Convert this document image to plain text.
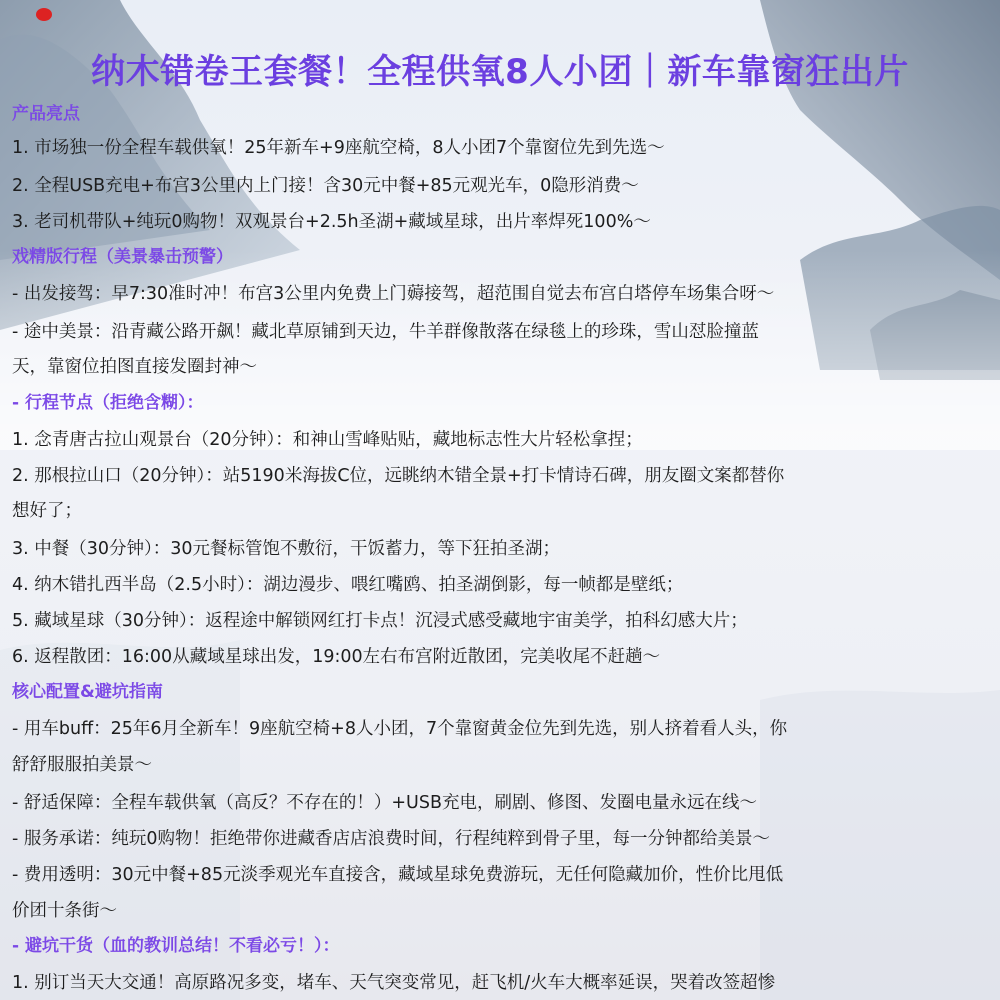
纳木错卷王套餐！全程供氧8人小团｜新车靠窗狂出片
产品亮点
1. 市场独一份全程车载供氧！25年新车+9座航空椅，8人小团7个靠窗位先到先选～
2. 全程USB充电+布宫3公里内上门接！含30元中餐+85元观光车，0隐形消费～
3. 老司机带队+纯玩0购物！双观景台+2.5h圣湖+藏域星球，出片率焊死100%～
戏精版行程（美景暴击预警）
- 出发接驾：早7:30准时冲！布宫3公里内免费上门薅接驾，超范围自觉去布宫白塔停车场集合呀～
- 途中美景：沿青藏公路开飙！藏北草原铺到天边，牛羊群像散落在绿毯上的珍珠，雪山怼脸撞蓝
天，靠窗位拍图直接发圈封神～
- 行程节点（拒绝含糊）：
1. 念青唐古拉山观景台（20分钟）：和神山雪峰贴贴，藏地标志性大片轻松拿捏；
2. 那根拉山口（20分钟）：站5190米海拔C位，远眺纳木错全景+打卡情诗石碑，朋友圈文案都替你
想好了；
3. 中餐（30分钟）：30元餐标管饱不敷衍，干饭蓄力，等下狂拍圣湖；
4. 纳木错扎西半岛（2.5小时）：湖边漫步、喂红嘴鸥、拍圣湖倒影，每一帧都是壁纸；
5. 藏域星球（30分钟）：返程途中解锁网红打卡点！沉浸式感受藏地宇宙美学，拍科幻感大片；
6. 返程散团：16:00从藏域星球出发，19:00左右布宫附近散团，完美收尾不赶趟～
核心配置&避坑指南
- 用车buff：25年6月全新车！9座航空椅+8人小团，7个靠窗黄金位先到先选，别人挤着看人头，你
舒舒服服拍美景～
- 舒适保障：全程车载供氧（高反？不存在的！）+USB充电，刷剧、修图、发圈电量永远在线～
- 服务承诺：纯玩0购物！拒绝带你进藏香店店浪费时间，行程纯粹到骨子里，每一分钟都给美景～
- 费用透明：30元中餐+85元淡季观光车直接含，藏域星球免费游玩，无任何隐藏加价，性价比甩低
价团十条街～
- 避坑干货（血的教训总结！不看必亏！）：
1. 别订当天大交通！高原路况多变，堵车、天气突变常见，赶飞机/火车大概率延误，哭着改签超惨
